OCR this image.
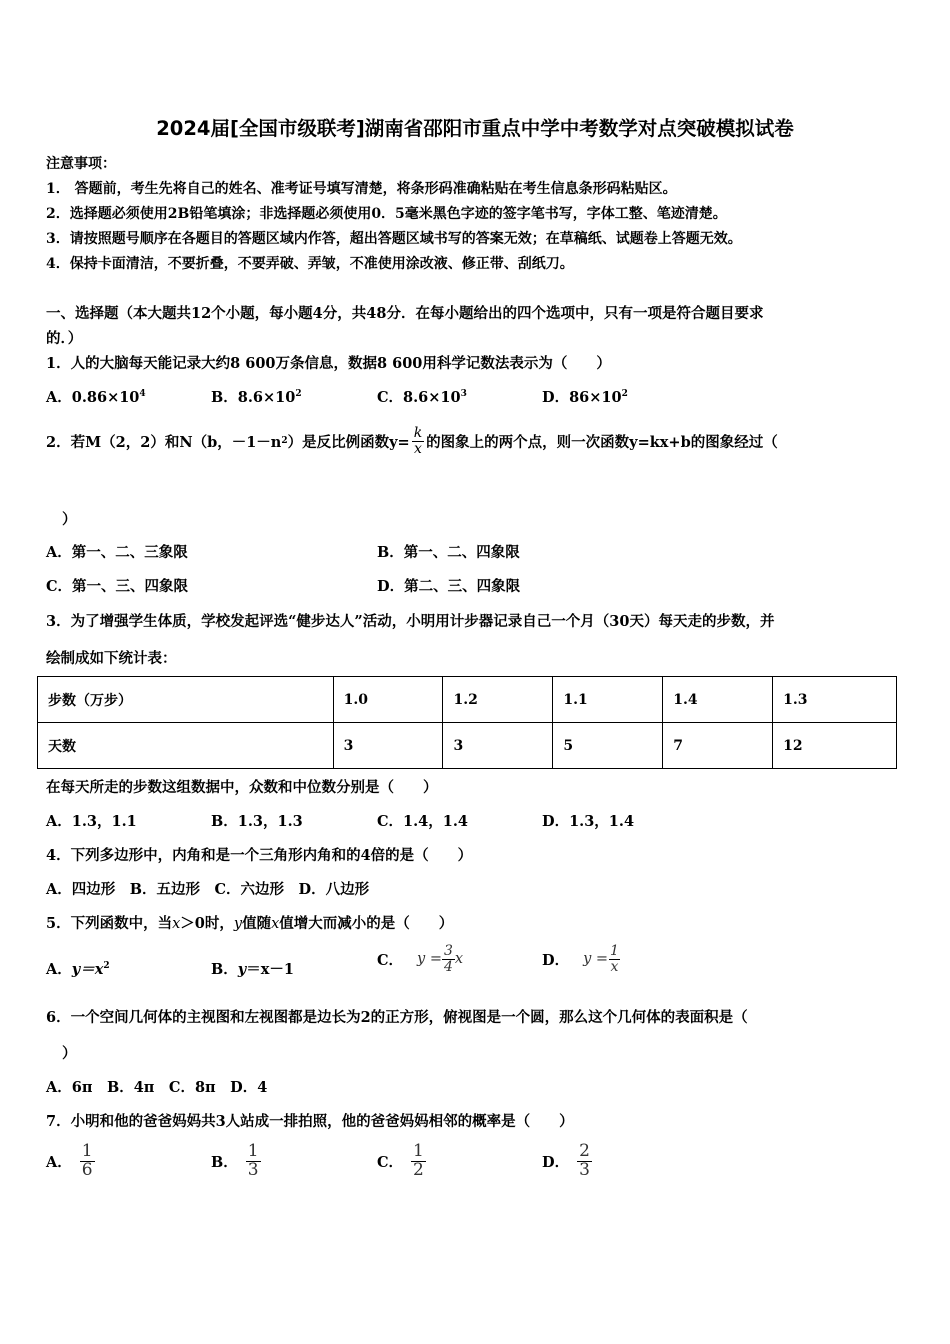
2024届[全国市级联考]湖南省邵阳市重点中学中考数学对点突破模拟试卷
注意事项：
1． 答题前，考生先将自己的姓名、准考证号填写清楚，将条形码准确粘贴在考生信息条形码粘贴区。
2．选择题必须使用2B铅笔填涂；非选择题必须使用0．5毫米黑色字迹的签字笔书写，字体工整、笔迹清楚。
3．请按照题号顺序在各题目的答题区域内作答，超出答题区域书写的答案无效；在草稿纸、试题卷上答题无效。
4．保持卡面清洁，不要折叠，不要弄破、弄皱，不准使用涂改液、修正带、刮纸刀。
一、选择题（本大题共12个小题，每小题4分，共48分．在每小题给出的四个选项中，只有一项是符合题目要求
的．）
1．人的大脑每天能记录大约8 600万条信息，数据8 600用科学记数法表示为（　　）
A．$0.86\times 10^4$	B．$8.6\times 10^2$	C．$8.6\times 10^3$	D．$86\times 10^2$
2．若M（2，2）和N（b，－1－n 2 ）是反比例函数$y= \frac{k}{x}$ 的图象上的两个点，则一次函数y=kx+b的图象经过（
）
A．第一、二、三象限	B．第一、二、四象限
C．第一、三、四象限	D．第二、三、四象限
3．为了增强学生体质，学校发起评选“健步达人”活动，小明用计步器记录自己一个月（30天）每天走的步数，并
绘制成如下统计表：
步数（万步）	1.0	1.2	1.1	1.4	1.3
天数	3	3	5	7	12
在每天所走的步数这组数据中，众数和中位数分别是（　　）
A．1.3，1.1	B．1.3，1.3	C．1.4，1.4	D．1.3，1.4
4．下列多边形中，内角和是一个三角形内角和的4倍的是（　　）
A．四边形　B．五边形　C．六边形　D．八边形
5．下列函数中，当x＞0时，y值随x值增大而减小的是（　　）
A．$y=x^2$	B．y＝x－1
C． $y = \frac{3}{4}$ x	D． $y = \frac{1}{x}$
6．一个空间几何体的主视图和左视图都是边长为2的正方形，俯视图是一个圆，那么这个几何体的表面积是（
）
A．6π　B．4π　C．8π　D．4
7．小明和他的爸爸妈妈共3人站成一排拍照，他的爸爸妈妈相邻的概率是（　　）
A． $\frac{1}{6}$	B． $\frac{1}{3}$	C． $\frac{1}{2}$	D． $\frac{2}{3}$
